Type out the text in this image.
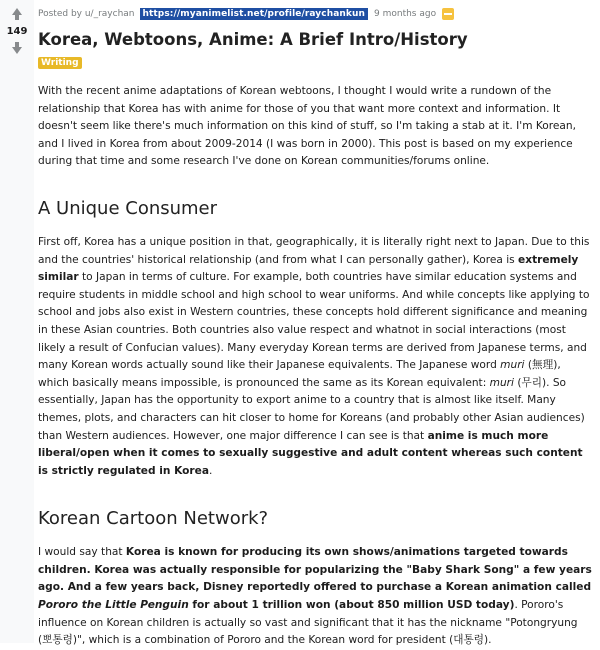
149
Posted by u/_raychan https://myanimelist.net/profile/raychankun	9 months ago
Korea, Webtoons, Anime: A Brief Intro/History
Writing

With the recent anime adaptations of Korean webtoons, I thought I would write a rundown of the relationship that Korea has with anime for those of you that want more context and information. It doesn't seem like there's much information on this kind of stuff, so I'm taking a stab at it. I'm Korean, and I lived in Korea from about 2009-2014 (I was born in 2000). This post is based on my experience during that time and some research I've done on Korean communities/forums online.

A Unique Consumer

First off, Korea has a unique position in that, geographically, it is literally right next to Japan. Due to this and the countries' historical relationship (and from what I can personally gather), Korea is extremely similar to Japan in terms of culture. For example, both countries have similar education systems and require students in middle school and high school to wear uniforms. And while concepts like applying to school and jobs also exist in Western countries, these concepts hold different significance and meaning in these Asian countries. Both countries also value respect and whatnot in social interactions (most likely a result of Confucian values). Many everyday Korean terms are derived from Japanese terms, and many Korean words actually sound like their Japanese equivalents. The Japanese word muri (無理), which basically means impossible, is pronounced the same as its Korean equivalent: muri (무리). So essentially, Japan has the opportunity to export anime to a country that is almost like itself. Many themes, plots, and characters can hit closer to home for Koreans (and probably other Asian audiences) than Western audiences. However, one major difference I can see is that anime is much more liberal/open when it comes to sexually suggestive and adult content whereas such content is strictly regulated in Korea.

Korean Cartoon Network?

I would say that Korea is known for producing its own shows/animations targeted towards children. Korea was actually responsible for popularizing the "Baby Shark Song" a few years ago. And a few years back, Disney reportedly offered to purchase a Korean animation called Pororo the Little Penguin for about 1 trillion won (about 850 million USD today). Pororo's influence on Korean children is actually so vast and significant that it has the nickname "Potongryung (뽀통령)", which is a combination of Pororo and the Korean word for president (대통령).
